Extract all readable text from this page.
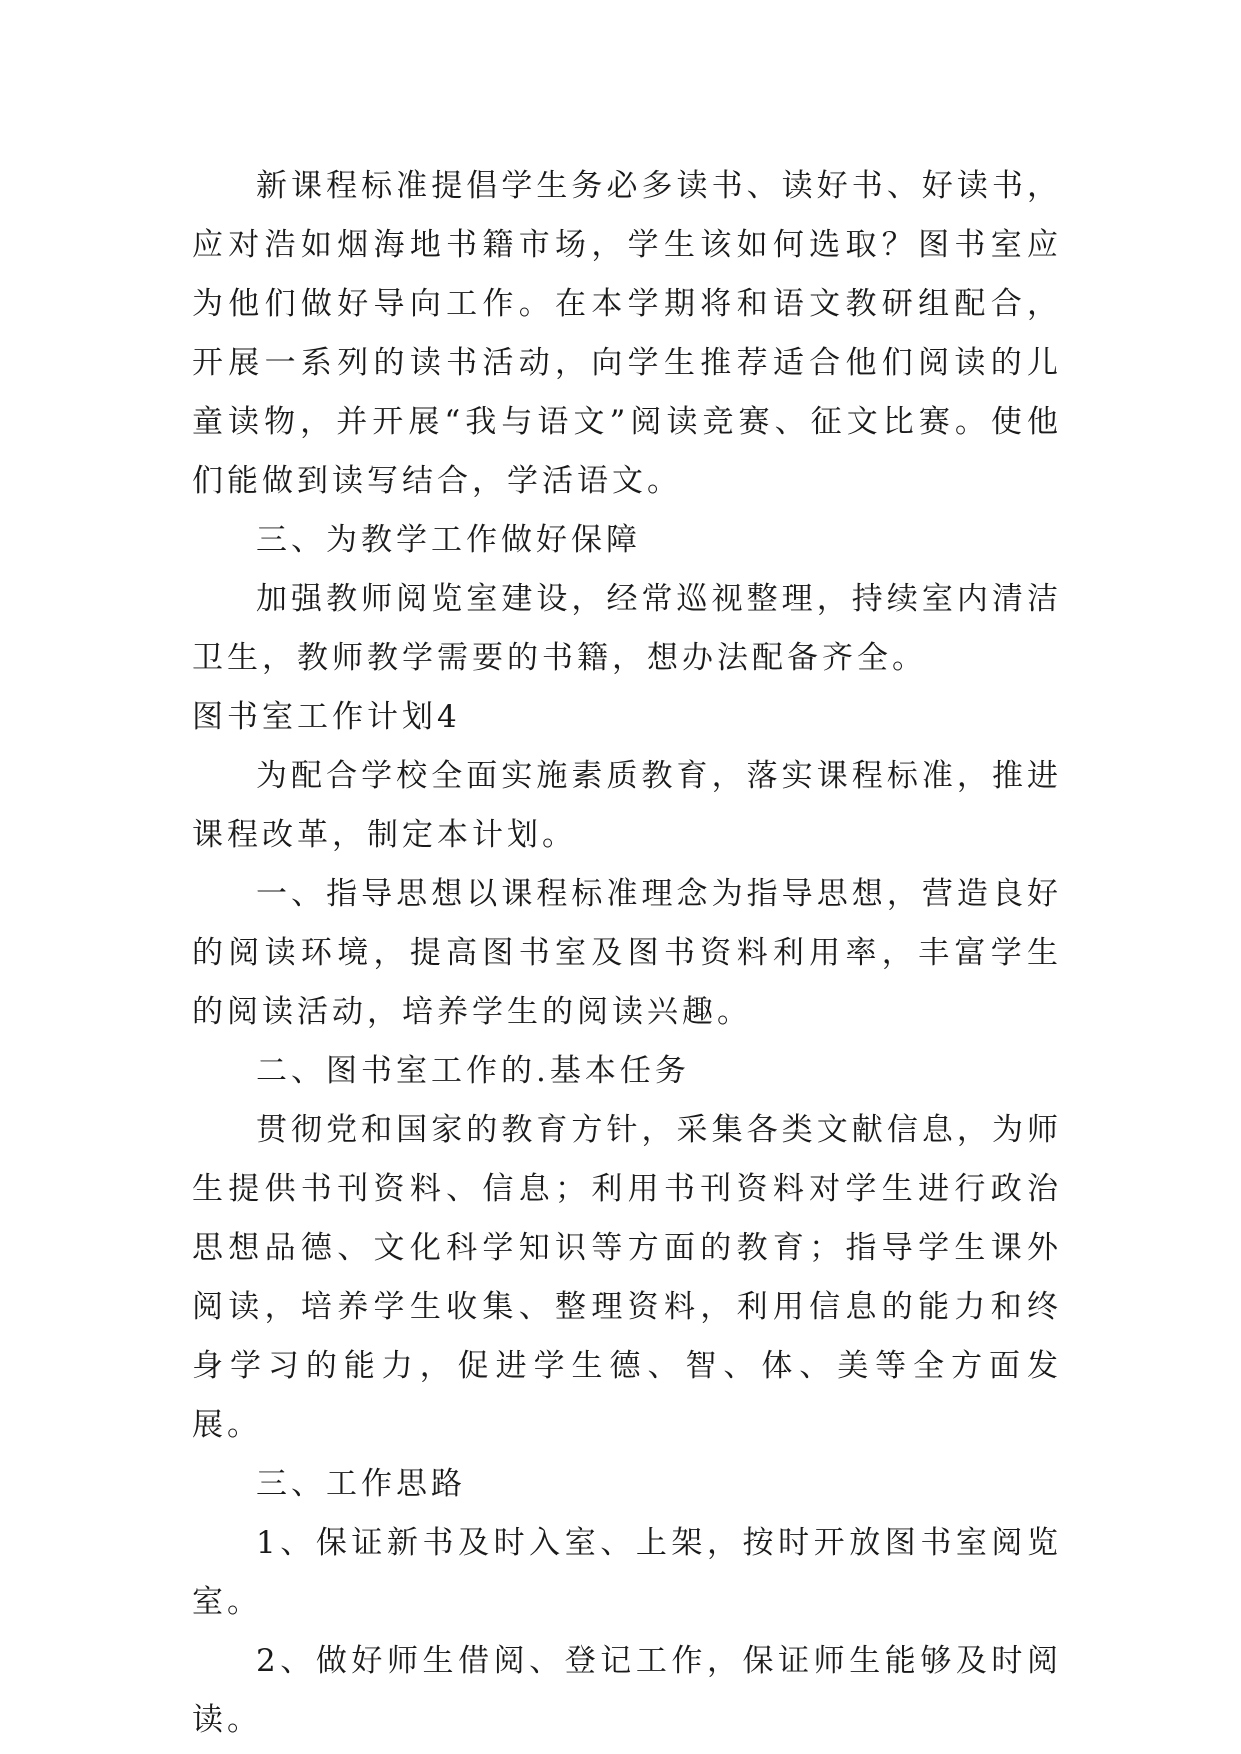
新课程标准提倡学生务必多读书、读好书、好读书，应对浩如烟海地书籍市场，学生该如何选取？图书室应为他们做好导向工作。在本学期将和语文教研组配合，开展一系列的读书活动，向学生推荐适合他们阅读的儿童读物，并开展“我与语文”阅读竞赛、征文比赛。使他们能做到读写结合，学活语文。

三、为教学工作做好保障

加强教师阅览室建设，经常巡视整理，持续室内清洁卫生，教师教学需要的书籍，想办法配备齐全。

图书室工作计划4

为配合学校全面实施素质教育，落实课程标准，推进课程改革，制定本计划。

一、指导思想以课程标准理念为指导思想，营造良好的阅读环境，提高图书室及图书资料利用率，丰富学生的阅读活动，培养学生的阅读兴趣。

二、图书室工作的.基本任务

贯彻党和国家的教育方针，采集各类文献信息，为师生提供书刊资料、信息；利用书刊资料对学生进行政治思想品德、文化科学知识等方面的教育；指导学生课外阅读，培养学生收集、整理资料，利用信息的能力和终身学习的能力，促进学生德、智、体、美等全方面发展。

三、工作思路

1、保证新书及时入室、上架，按时开放图书室阅览室。

2、做好师生借阅、登记工作，保证师生能够及时阅读。
